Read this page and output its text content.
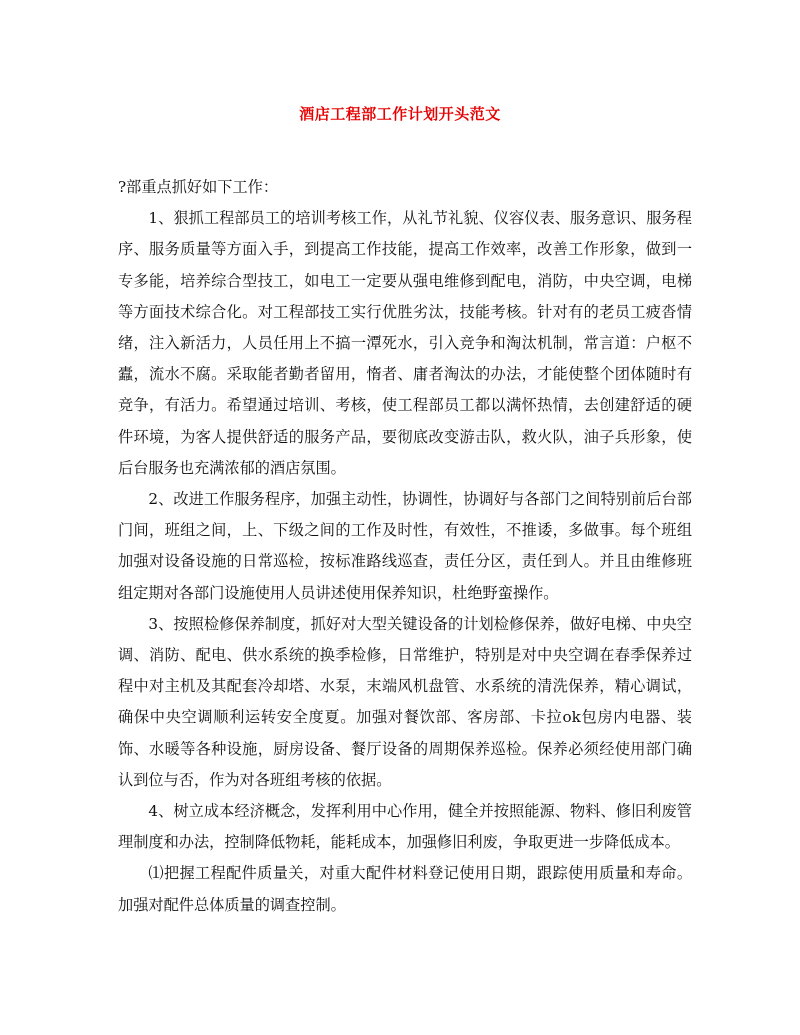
酒店工程部工作计划开头范文

?部重点抓好如下工作：

1、狠抓工程部员工的培训考核工作，从礼节礼貌、仪容仪表、服务意识、服务程序、服务质量等方面入手，到提高工作技能，提高工作效率，改善工作形象，做到一专多能，培养综合型技工，如电工一定要从强电维修到配电，消防，中央空调，电梯等方面技术综合化。对工程部技工实行优胜劣汰，技能考核。针对有的老员工疲沓情绪，注入新活力，人员任用上不搞一潭死水，引入竞争和淘汰机制，常言道：户枢不蠹，流水不腐。采取能者勤者留用，惰者、庸者淘汰的办法，才能使整个团体随时有竞争，有活力。希望通过培训、考核，使工程部员工都以满怀热情，去创建舒适的硬件环境，为客人提供舒适的服务产品，要彻底改变游击队，救火队，油子兵形象，使后台服务也充满浓郁的酒店氛围。

2、改进工作服务程序，加强主动性，协调性，协调好与各部门之间特别前后台部门间，班组之间，上、下级之间的工作及时性，有效性，不推诿，多做事。每个班组加强对设备设施的日常巡检，按标准路线巡查，责任分区，责任到人。并且由维修班组定期对各部门设施使用人员讲述使用保养知识，杜绝野蛮操作。

3、按照检修保养制度，抓好对大型关键设备的计划检修保养，做好电梯、中央空调、消防、配电、供水系统的换季检修，日常维护，特别是对中央空调在春季保养过程中对主机及其配套冷却塔、水泵，末端风机盘管、水系统的清洗保养，精心调试，确保中央空调顺利运转安全度夏。加强对餐饮部、客房部、卡拉ok包房内电器、装饰、水暖等各种设施，厨房设备、餐厅设备的周期保养巡检。保养必须经使用部门确认到位与否，作为对各班组考核的依据。

4、树立成本经济概念，发挥利用中心作用，健全并按照能源、物料、修旧利废管理制度和办法，控制降低物耗，能耗成本，加强修旧利废，争取更进一步降低成本。

⑴把握工程配件质量关，对重大配件材料登记使用日期，跟踪使用质量和寿命。加强对配件总体质量的调查控制。
